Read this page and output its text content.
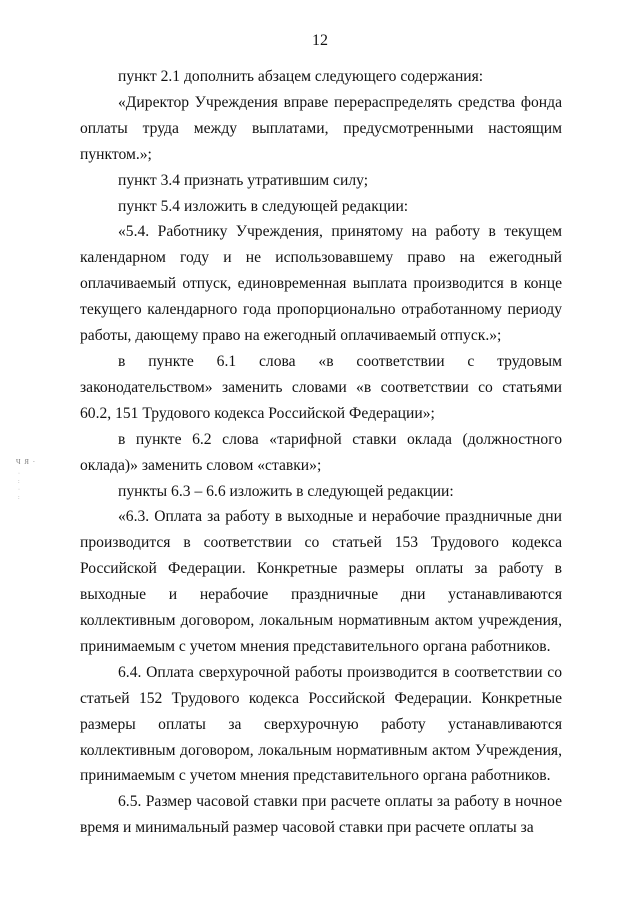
12
Ч Я ·
·
:
·
:

пункт 2.1 дополнить абзацем следующего содержания:

«Директор Учреждения вправе перераспределять средства фонда оплаты труда между выплатами, предусмотренными настоящим пунктом.»;

пункт 3.4 признать утратившим силу;

пункт 5.4 изложить в следующей редакции:

«5.4. Работнику Учреждения, принятому на работу в текущем календарном году и не использовавшему право на ежегодный оплачиваемый отпуск, единовременная выплата производится в конце текущего календарного года пропорционально отработанному периоду работы, дающему право на ежегодный оплачиваемый отпуск.»;

в пункте 6.1 слова «в соответствии с трудовым законодательством» заменить словами «в соответствии со статьями 60.2, 151 Трудового кодекса Российской Федерации»;

в пункте 6.2 слова «тарифной ставки оклада (должностного оклада)» заменить словом «ставки»;

пункты 6.3 – 6.6 изложить в следующей редакции:

«6.3. Оплата за работу в выходные и нерабочие праздничные дни производится в соответствии со статьей 153 Трудового кодекса Российской Федерации. Конкретные размеры оплаты за работу в выходные и нерабочие праздничные дни устанавливаются коллективным договором, локальным нормативным актом учреждения, принимаемым с учетом мнения представительного органа работников.

6.4. Оплата сверхурочной работы производится в соответствии со статьей 152 Трудового кодекса Российской Федерации. Конкретные размеры оплаты за сверхурочную работу устанавливаются коллективным договором, локальным нормативным актом Учреждения, принимаемым с учетом мнения представительного органа работников.

6.5. Размер часовой ставки при расчете оплаты за работу в ночное время и минимальный размер часовой ставки при расчете оплаты за
